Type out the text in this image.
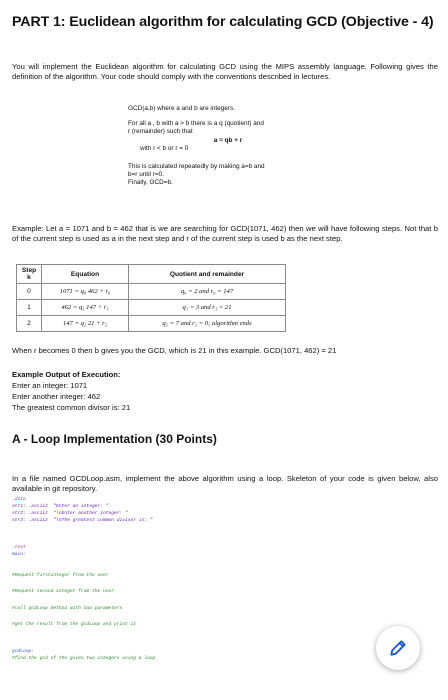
PART 1: Euclidean algorithm for calculating GCD (Objective - 4)
You will implement the Euclidean algorithm for calculating GCD using the MIPS assembly language. Following gives the definition of the algorithm. Your code should comply with the conventions described in lectures.
GCD(a,b) where a and b are integers.
For all a , b with a > b there is a q (quotient) and
r (remainder) such that
a = qb + r
with r < b or r = 0
This is calculated repeatedly by making a=b and
b=r until r=0.
Finally, GCD=b.
Example: Let a = 1071 and b = 462 that is we are searching for GCD(1071, 462) then we will have following steps. Not that b of the current step is used as a in the next step and r of the current step is used b as the next step.
Step k	Equation	Quotient and remainder
0	1071 = q₀ 462 + r₀	q₀ = 2 and r₀ = 147
1	462 = q₁ 147 + r₁	q₁ = 3 and r₁ = 21
2	147 = q₂ 21 + r₂	q₂ = 7 and r₂ = 0; algorithm ends
When r becomes 0 then b gives you the GCD, which is 21 in this example. GCD(1071, 462) = 21
Example Output of Execution:
Enter an integer: 1071
Enter another integer: 462
The greatest common divisor is: 21
A - Loop Implementation (30 Points)
In a file named GCDLoop.asm, implement the above algorithm using a loop. Skeleton of your code is given below, also available in git repository.
.data
str1: .asciiz  "Enter an integer: "
str2: .asciiz  "\nEnter another integer: "
str3: .asciiz  "\nThe greatest common divisor is: "
.text
main:
#Request firstinteger from the user
#Request second integer from the user
#call gcdLoop method with two parameters
#get the result from the gcdLoop and print it
gcdLoop:
#find the gcd of the given two integers using a loop
